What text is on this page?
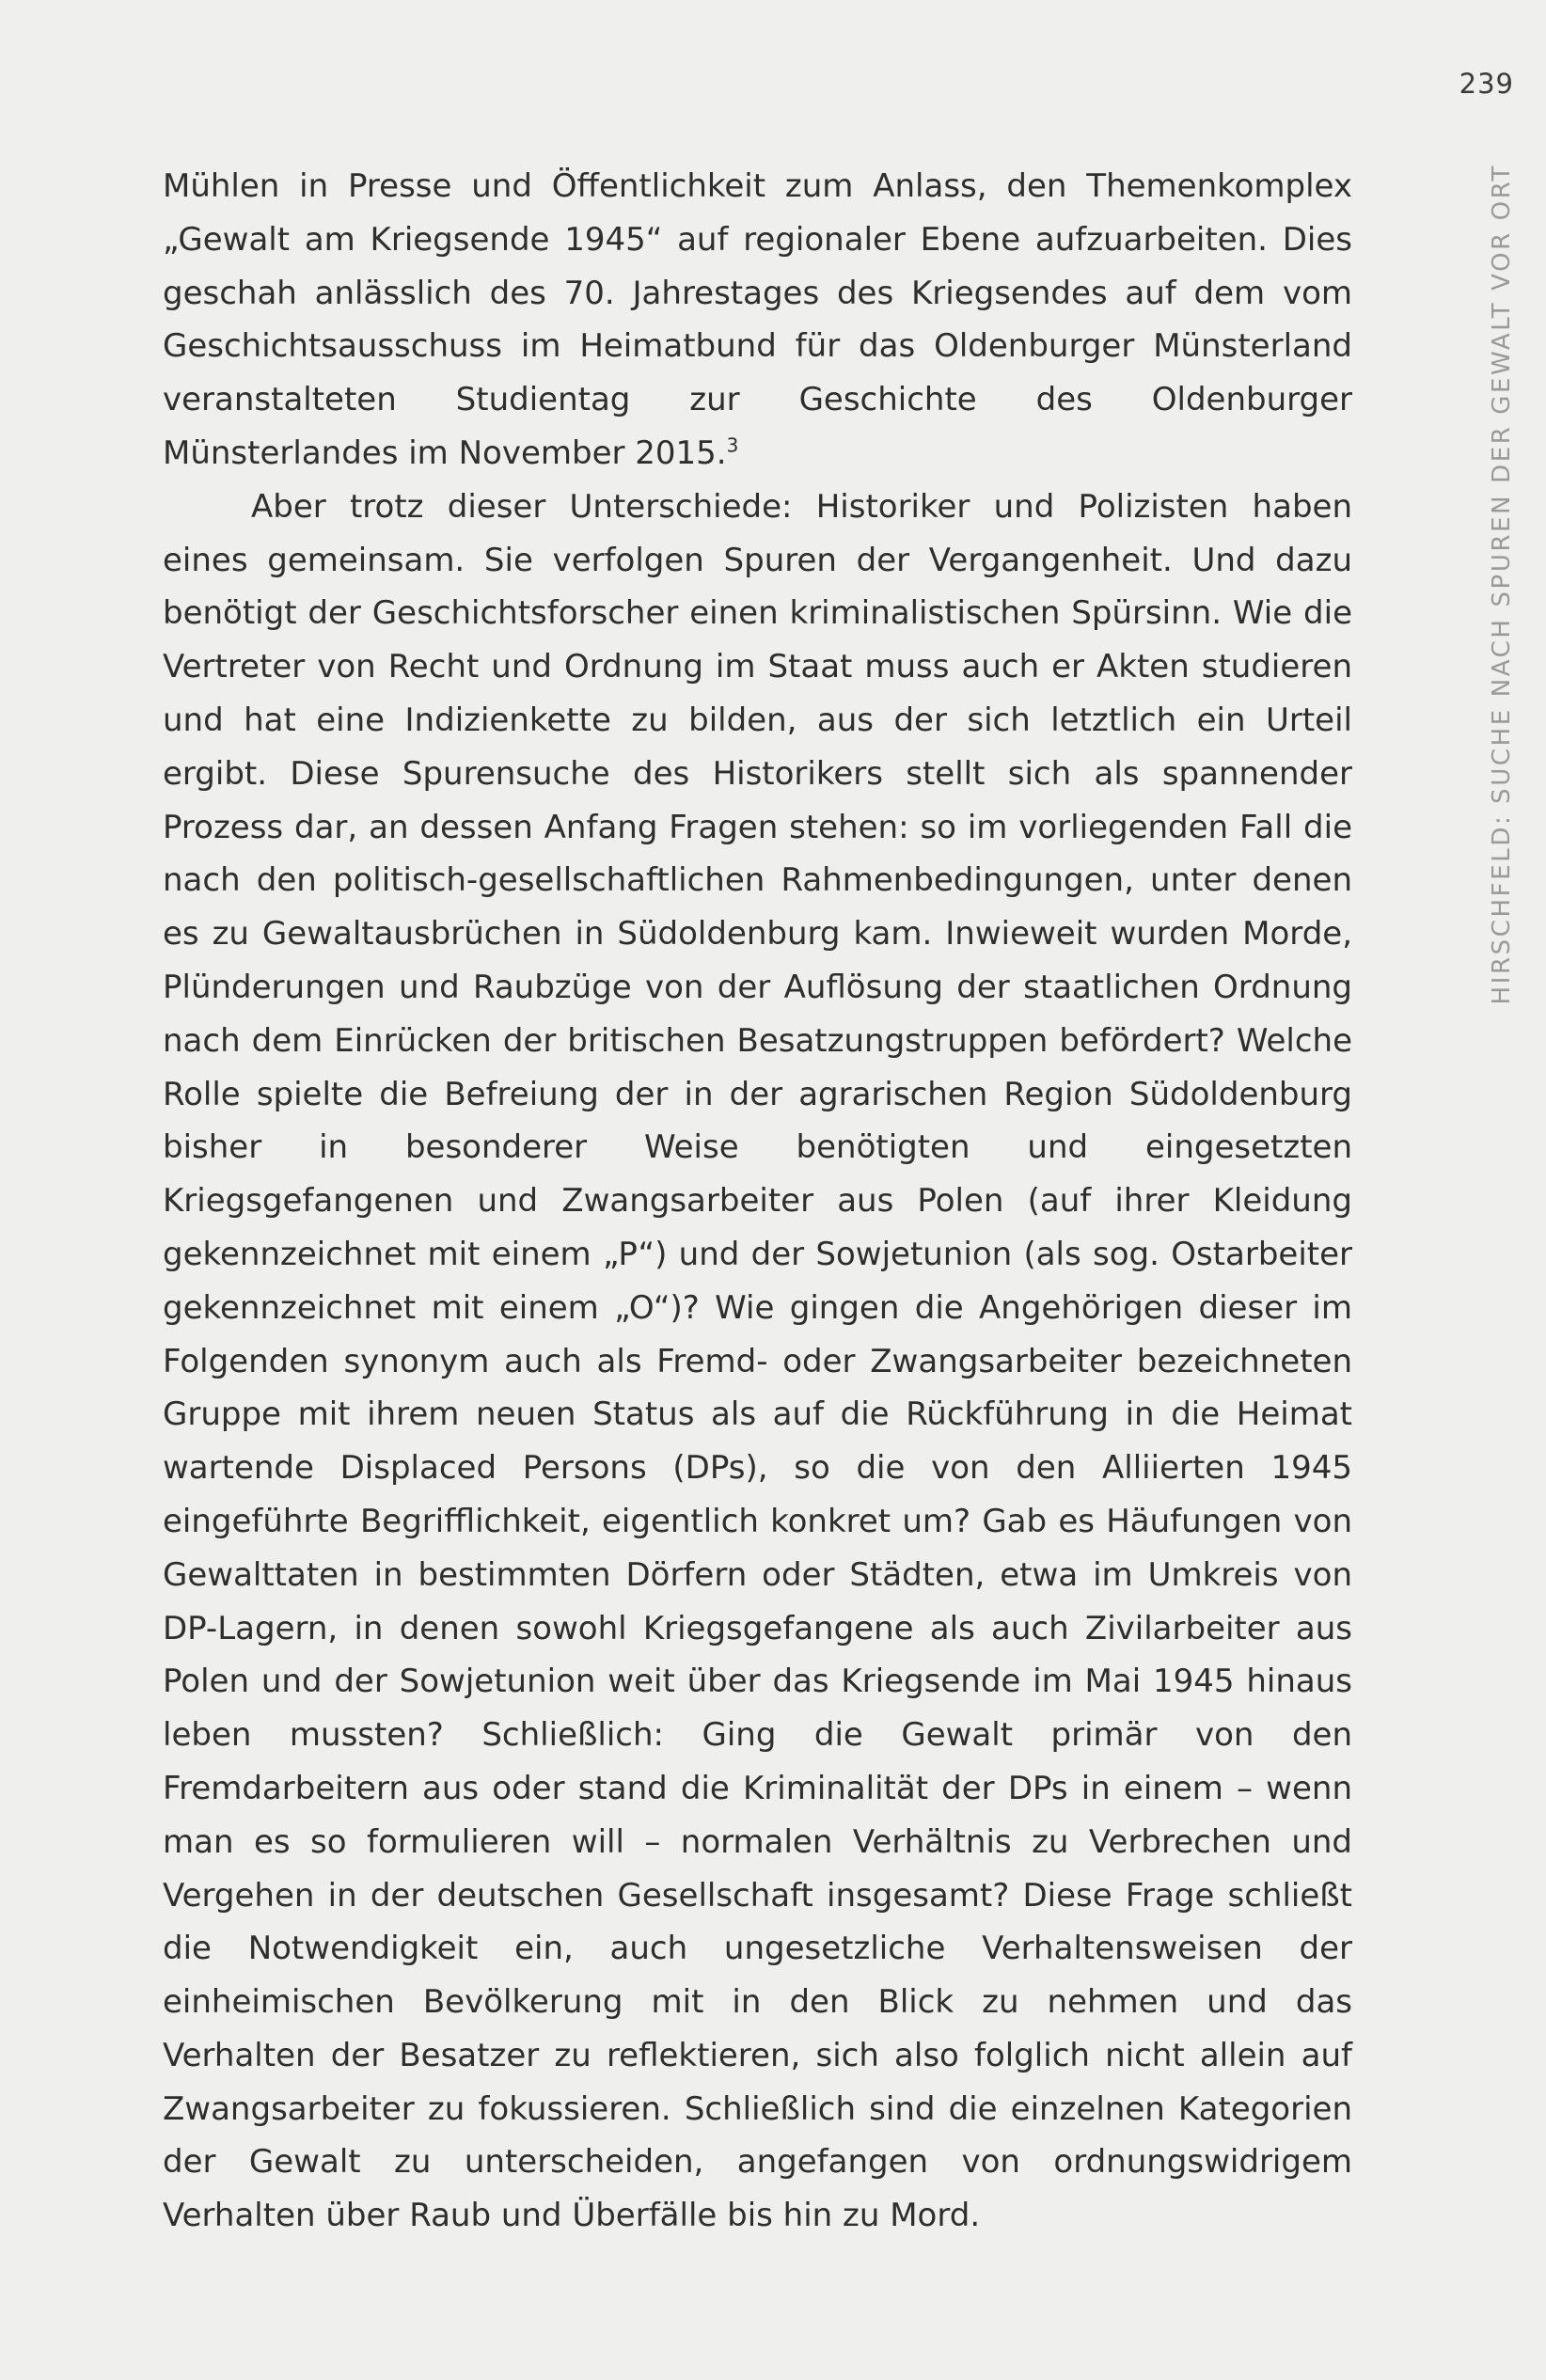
239
HIRSCHFELD: SUCHE NACH SPUREN DER GEWALT VOR ORT

Mühlen in Presse und Öffentlichkeit zum Anlass, den Themenkomplex „Gewalt am Kriegsende 1945“ auf regionaler Ebene aufzuarbeiten. Dies geschah anlässlich des 70. Jahrestages des Kriegsendes auf dem vom Geschichtsausschuss im Heimatbund für das Oldenburger Münsterland veranstalteten Studientag zur Geschichte des Oldenburger Münsterlandes im November 2015.$^3$

Aber trotz dieser Unterschiede: Historiker und Polizisten haben eines gemeinsam. Sie verfolgen Spuren der Vergangenheit. Und dazu benötigt der Geschichtsforscher einen kriminalistischen Spürsinn. Wie die Vertreter von Recht und Ordnung im Staat muss auch er Akten studieren und hat eine Indizienkette zu bilden, aus der sich letztlich ein Urteil ergibt. Diese Spurensuche des Historikers stellt sich als spannender Prozess dar, an dessen Anfang Fragen stehen: so im vorliegenden Fall die nach den politisch-gesellschaftlichen Rahmenbedingungen, unter denen es zu Gewaltausbrüchen in Südoldenburg kam. Inwieweit wurden Morde, Plünderungen und Raubzüge von der Auflösung der staatlichen Ordnung nach dem Einrücken der britischen Besatzungstruppen befördert? Welche Rolle spielte die Befreiung der in der agrarischen Region Südoldenburg bisher in besonderer Weise benötigten und eingesetzten Kriegsgefangenen und Zwangsarbeiter aus Polen (auf ihrer Kleidung gekennzeichnet mit einem „P“) und der Sowjetunion (als sog. Ostarbeiter gekennzeichnet mit einem „O“)? Wie gingen die Angehörigen dieser im Folgenden synonym auch als Fremd- oder Zwangsarbeiter bezeichneten Gruppe mit ihrem neuen Status als auf die Rückführung in die Heimat wartende Displaced Persons (DPs), so die von den Alliierten 1945 eingeführte Begrifflichkeit, eigentlich konkret um? Gab es Häufungen von Gewalttaten in bestimmten Dörfern oder Städten, etwa im Umkreis von DP-Lagern, in denen sowohl Kriegsgefangene als auch Zivilarbeiter aus Polen und der Sowjetunion weit über das Kriegsende im Mai 1945 hinaus leben mussten? Schließlich: Ging die Gewalt primär von den Fremdarbeitern aus oder stand die Kriminalität der DPs in einem – wenn man es so formulieren will – normalen Verhältnis zu Verbrechen und Vergehen in der deutschen Gesellschaft insgesamt? Diese Frage schließt die Notwendigkeit ein, auch ungesetzliche Verhaltensweisen der einheimischen Bevölkerung mit in den Blick zu nehmen und das Verhalten der Besatzer zu reflektieren, sich also folglich nicht allein auf Zwangsarbeiter zu fokussieren. Schließlich sind die einzelnen Kategorien der Gewalt zu unterscheiden, angefangen von ordnungswidrigem Verhalten über Raub und Überfälle bis hin zu Mord.
